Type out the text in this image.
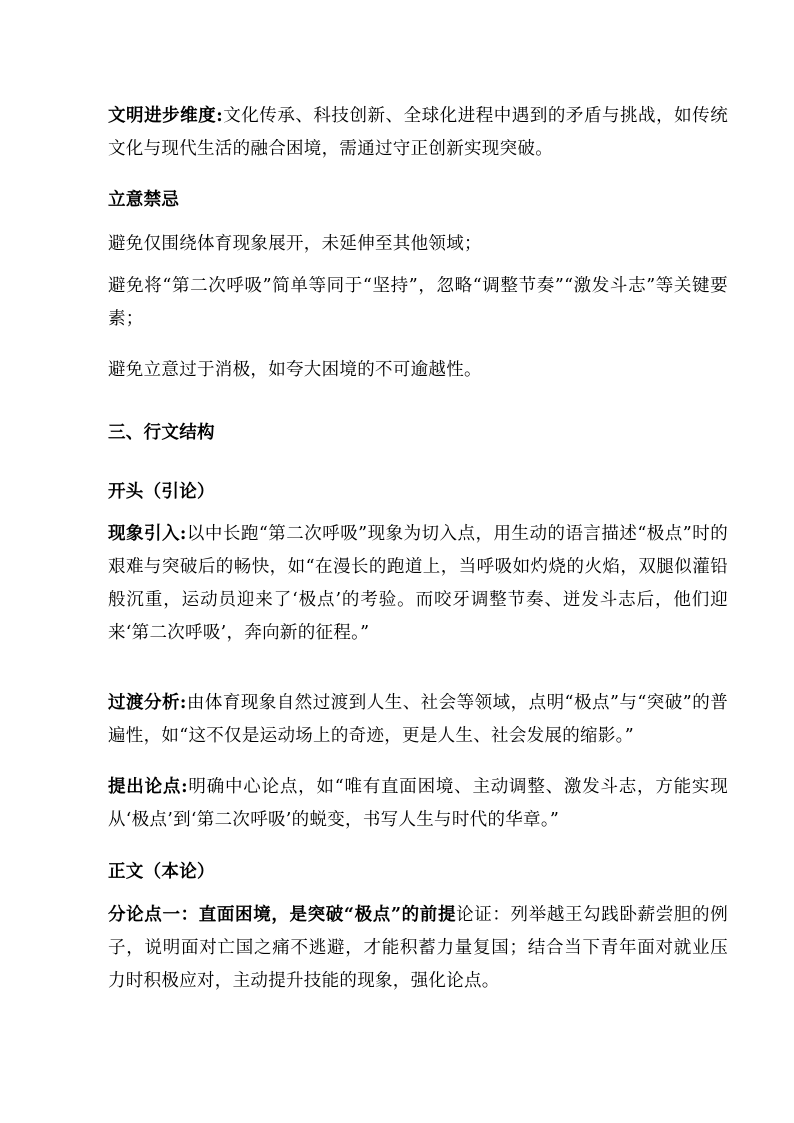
文明进步维度:文化传承、科技创新、全球化进程中遇到的矛盾与挑战，如传统文化与现代生活的融合困境，需通过守正创新实现突破。

立意禁忌

避免仅围绕体育现象展开，未延伸至其他领域；

避免将“第二次呼吸”简单等同于“坚持”，忽略“调整节奏”“激发斗志”等关键要素；

避免立意过于消极，如夸大困境的不可逾越性。

三、行文结构

开头（引论）

现象引入:以中长跑“第二次呼吸”现象为切入点，用生动的语言描述“极点”时的艰难与突破后的畅快，如“在漫长的跑道上，当呼吸如灼烧的火焰，双腿似灌铅般沉重，运动员迎来了‘极点’的考验。而咬牙调整节奏、迸发斗志后，他们迎来‘第二次呼吸’，奔向新的征程。”

过渡分析:由体育现象自然过渡到人生、社会等领域，点明“极点”与“突破”的普遍性，如“这不仅是运动场上的奇迹，更是人生、社会发展的缩影。”

提出论点:明确中心论点，如“唯有直面困境、主动调整、激发斗志，方能实现从‘极点’到‘第二次呼吸’的蜕变，书写人生与时代的华章。”

正文（本论）

分论点一：直面困境，是突破“极点”的前提论证：列举越王勾践卧薪尝胆的例子，说明面对亡国之痛不逃避，才能积蓄力量复国；结合当下青年面对就业压力时积极应对，主动提升技能的现象，强化论点。
